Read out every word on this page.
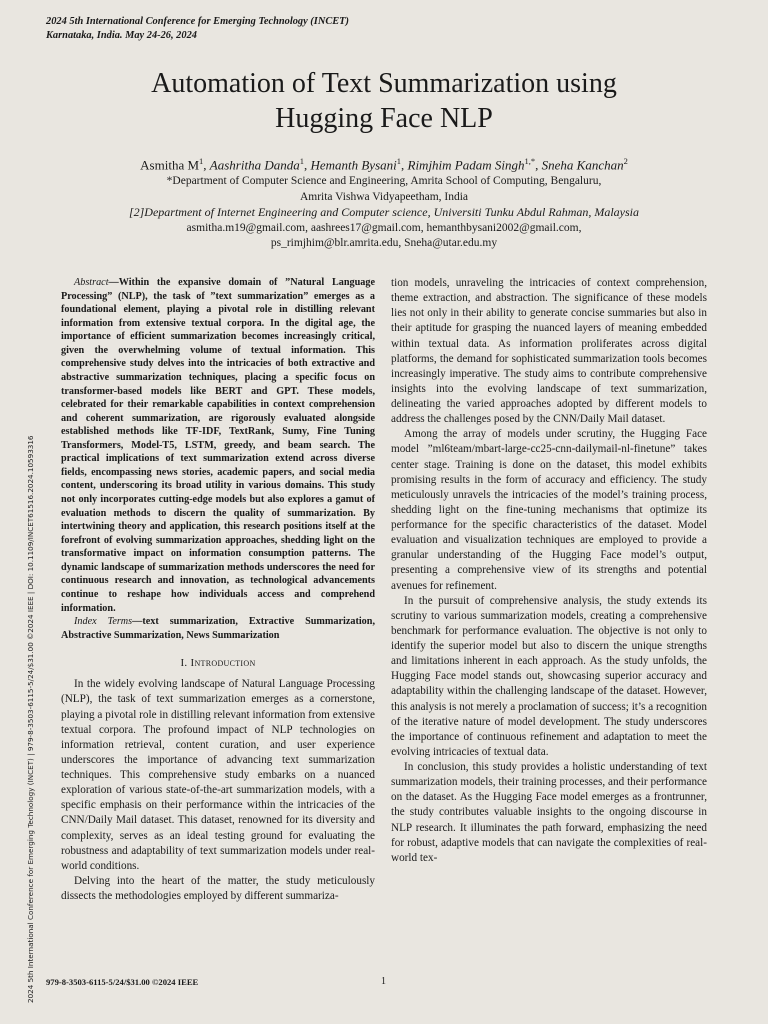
2024 5th International Conference for Emerging Technology (INCET)
Karnataka, India. May 24-26, 2024
Automation of Text Summarization using
Hugging Face NLP
Asmitha $M^1$, Aashritha Danda$^1$, Hemanth Bysani$^1$, Rimjhim Padam Singh$^{1,*}$, Sneha Kanchan$^2$
*Department of Computer Science and Engineering, Amrita School of Computing, Bengaluru,
Amrita Vishwa Vidyapeetham, India
[2]Department of Internet Engineering and Computer science, Universiti Tunku Abdul Rahman, Malaysia
asmitha.m19@gmail.com, aashrees17@gmail.com, hemanthbysani2002@gmail.com,
ps_rimjhim@blr.amrita.edu, Sneha@utar.edu.my
2024 5th International Conference for Emerging Technology (INCET) | 979-8-3503-6115-5/24/$31.00 ©2024 IEEE | DOI: 10.1109/INCET61516.2024.10593316

Abstract—Within the expansive domain of ”Natural Language Processing” (NLP), the task of ”text summarization” emerges as a foundational element, playing a pivotal role in distilling relevant information from extensive textual corpora. In the digital age, the importance of efficient summarization becomes increasingly critical, given the overwhelming volume of textual information. This comprehensive study delves into the intricacies of both extractive and abstractive summarization techniques, placing a specific focus on transformer-based models like BERT and GPT. These models, celebrated for their remarkable capabilities in context comprehension and coherent summarization, are rigorously evaluated alongside established methods like TF-IDF, TextRank, Sumy, Fine Tuning Transformers, Model-T5, LSTM, greedy, and beam search. The practical implications of text summarization extend across diverse fields, encompassing news stories, academic papers, and social media content, underscoring its broad utility in various domains. This study not only incorporates cutting-edge models but also explores a gamut of evaluation methods to discern the quality of summarization. By intertwining theory and application, this research positions itself at the forefront of evolving summarization approaches, shedding light on the transformative impact on information consumption patterns. The dynamic landscape of summarization methods underscores the need for continuous research and innovation, as technological advancements continue to reshape how individuals access and comprehend information.

Index Terms—text summarization, Extractive Summarization, Abstractive Summarization, News Summarization

I. Introduction

In the widely evolving landscape of Natural Language Processing (NLP), the task of text summarization emerges as a cornerstone, playing a pivotal role in distilling relevant information from extensive textual corpora. The profound impact of NLP technologies on information retrieval, content curation, and user experience underscores the importance of advancing text summarization techniques. This comprehensive study embarks on a nuanced exploration of various state-of-the-art summarization models, with a specific emphasis on their performance within the intricacies of the CNN/Daily Mail dataset. This dataset, renowned for its diversity and complexity, serves as an ideal testing ground for evaluating the robustness and adaptability of text summarization models under real-world conditions.

Delving into the heart of the matter, the study meticulously dissects the methodologies employed by different summariza-

tion models, unraveling the intricacies of context comprehension, theme extraction, and abstraction. The significance of these models lies not only in their ability to generate concise summaries but also in their aptitude for grasping the nuanced layers of meaning embedded within textual data. As information proliferates across digital platforms, the demand for sophisticated summarization tools becomes increasingly imperative. The study aims to contribute comprehensive insights into the evolving landscape of text summarization, delineating the varied approaches adopted by different models to address the challenges posed by the CNN/Daily Mail dataset.

Among the array of models under scrutiny, the Hugging Face model ”ml6team/mbart-large-cc25-cnn-dailymail-nl-finetune” takes center stage. Training is done on the dataset, this model exhibits promising results in the form of accuracy and efficiency. The study meticulously unravels the intricacies of the model’s training process, shedding light on the fine-tuning mechanisms that optimize its performance for the specific characteristics of the dataset. Model evaluation and visualization techniques are employed to provide a granular understanding of the Hugging Face model’s output, presenting a comprehensive view of its strengths and potential avenues for refinement.

In the pursuit of comprehensive analysis, the study extends its scrutiny to various summarization models, creating a comprehensive benchmark for performance evaluation. The objective is not only to identify the superior model but also to discern the unique strengths and limitations inherent in each approach. As the study unfolds, the Hugging Face model stands out, showcasing superior accuracy and adaptability within the challenging landscape of the dataset. However, this analysis is not merely a proclamation of success; it’s a recognition of the iterative nature of model development. The study underscores the importance of continuous refinement and adaptation to meet the evolving intricacies of textual data.

In conclusion, this study provides a holistic understanding of text summarization models, their training processes, and their performance on the dataset. As the Hugging Face model emerges as a frontrunner, the study contributes valuable insights to the ongoing discourse in NLP research. It illuminates the path forward, emphasizing the need for robust, adaptive models that can navigate the complexities of real-world tex-

979-8-3503-6115-5/24/$31.00 ©2024 IEEE	1
